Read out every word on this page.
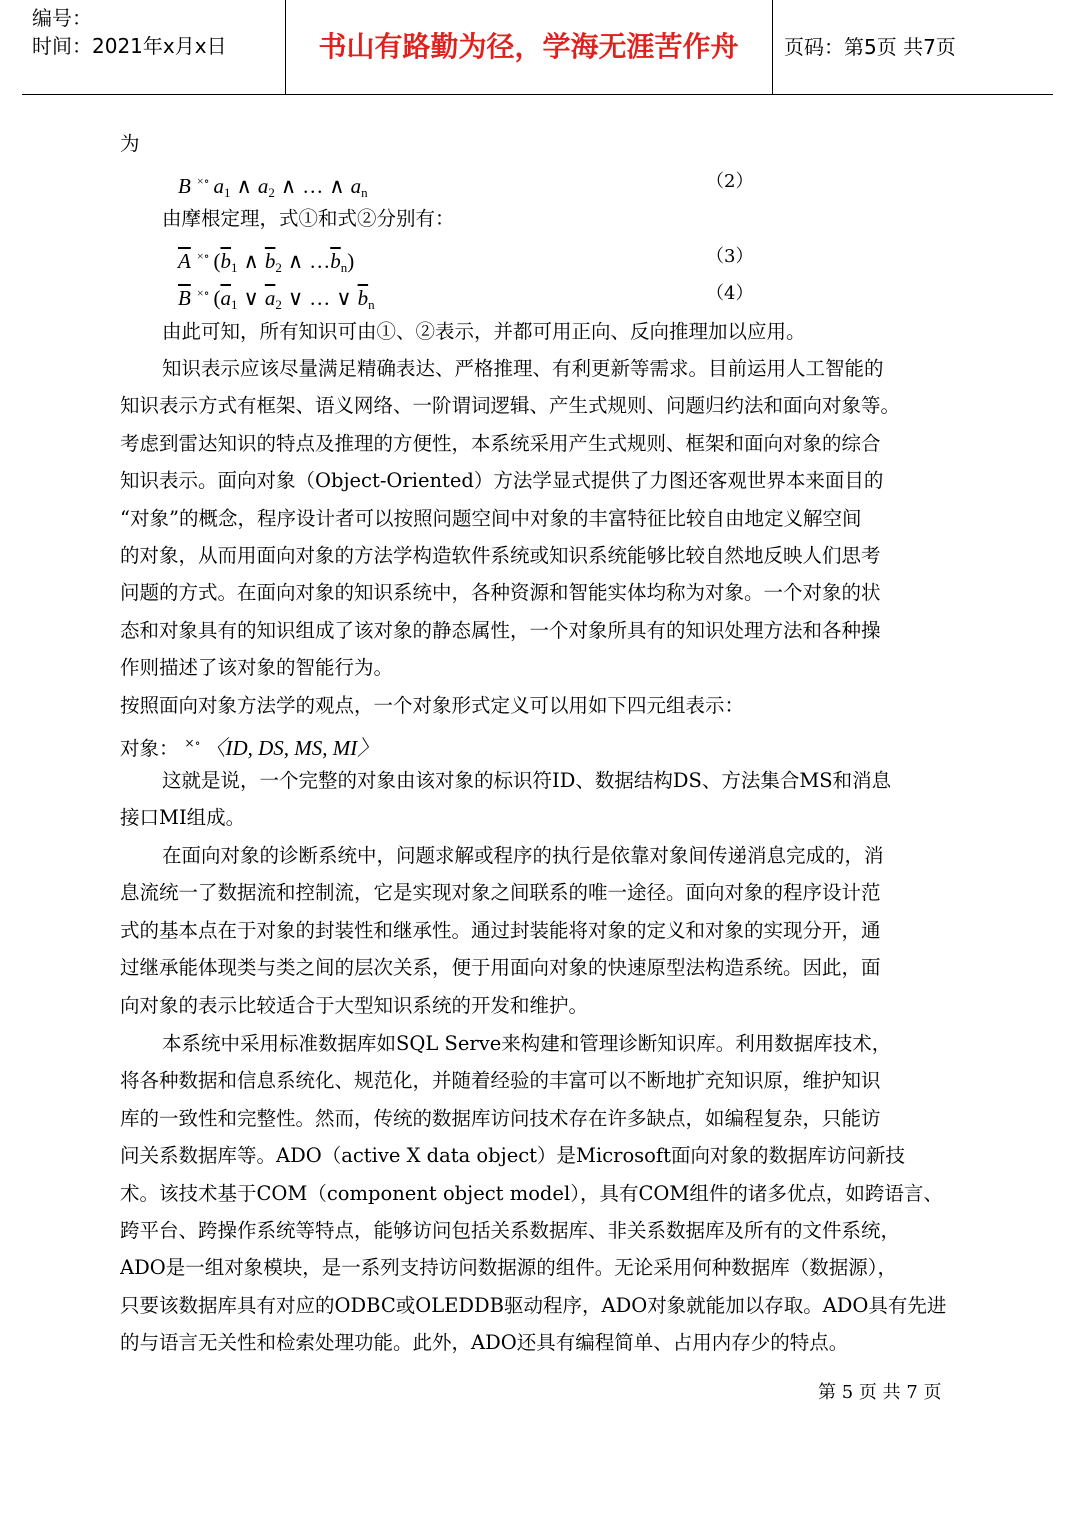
编号：
时间：2021年x月x日	书山有路勤为径，学海无涯苦作舟	页码：第5页 共7页
为
B ×∘ $a_1$ ∧ $a_2$ ∧ … ∧ $a_n$
（2）
由摩根定理，式①和式②分别有：
$\overline{A}$ ×∘ ($\overline{b}_1$ ∧ $\overline{b}_2$ ∧ $\dots\overline{b}_n$)	（3）
$\overline{B}$ ×∘ ($\overline{a}_1$ ∨ $\overline{a}_2$ ∨ … ∨ $\overline{b}_n$
（4）
由此可知，所有知识可由①、②表示，并都可用正向、反向推理加以应用。
知识表示应该尽量满足精确表达、严格推理、有利更新等需求。目前运用人工智能的
知识表示方式有框架、语义网络、一阶谓词逻辑、产生式规则、问题归约法和面向对象等。
考虑到雷达知识的特点及推理的方便性，本系统采用产生式规则、框架和面向对象的综合
知识表示。面向对象（Object-Oriented）方法学显式提供了力图还客观世界本来面目的
“对象”的概念，程序设计者可以按照问题空间中对象的丰富特征比较自由地定义解空间
的对象，从而用面向对象的方法学构造软件系统或知识系统能够比较自然地反映人们思考
问题的方式。在面向对象的知识系统中，各种资源和智能实体均称为对象。一个对象的状
态和对象具有的知识组成了该对象的静态属性，一个对象所具有的知识处理方法和各种操
作则描述了该对象的智能行为。
按照面向对象方法学的观点，一个对象形式定义可以用如下四元组表示：
对象： ×∘ 〈ID, DS, MS, MI〉
这就是说，一个完整的对象由该对象的标识符ID、数据结构DS、方法集合MS和消息
接口MI组成。
在面向对象的诊断系统中，问题求解或程序的执行是依靠对象间传递消息完成的，消
息流统一了数据流和控制流，它是实现对象之间联系的唯一途径。面向对象的程序设计范
式的基本点在于对象的封装性和继承性。通过封装能将对象的定义和对象的实现分开，通
过继承能体现类与类之间的层次关系，便于用面向对象的快速原型法构造系统。因此，面
向对象的表示比较适合于大型知识系统的开发和维护。
本系统中采用标准数据库如SQL Serve来构建和管理诊断知识库。利用数据库技术，
将各种数据和信息系统化、规范化，并随着经验的丰富可以不断地扩充知识原，维护知识
库的一致性和完整性。然而，传统的数据库访问技术存在许多缺点，如编程复杂，只能访
问关系数据库等。ADO（active X data object）是Microsoft面向对象的数据库访问新技
术。该技术基于COM（component object model），具有COM组件的诸多优点，如跨语言、
跨平台、跨操作系统等特点，能够访问包括关系数据库、非关系数据库及所有的文件系统，
ADO是一组对象模块，是一系列支持访问数据源的组件。无论采用何种数据库（数据源），
只要该数据库具有对应的ODBC或OLEDDB驱动程序，ADO对象就能加以存取。ADO具有先进
的与语言无关性和检索处理功能。此外，ADO还具有编程简单、占用内存少的特点。
第 5 页 共 7 页
